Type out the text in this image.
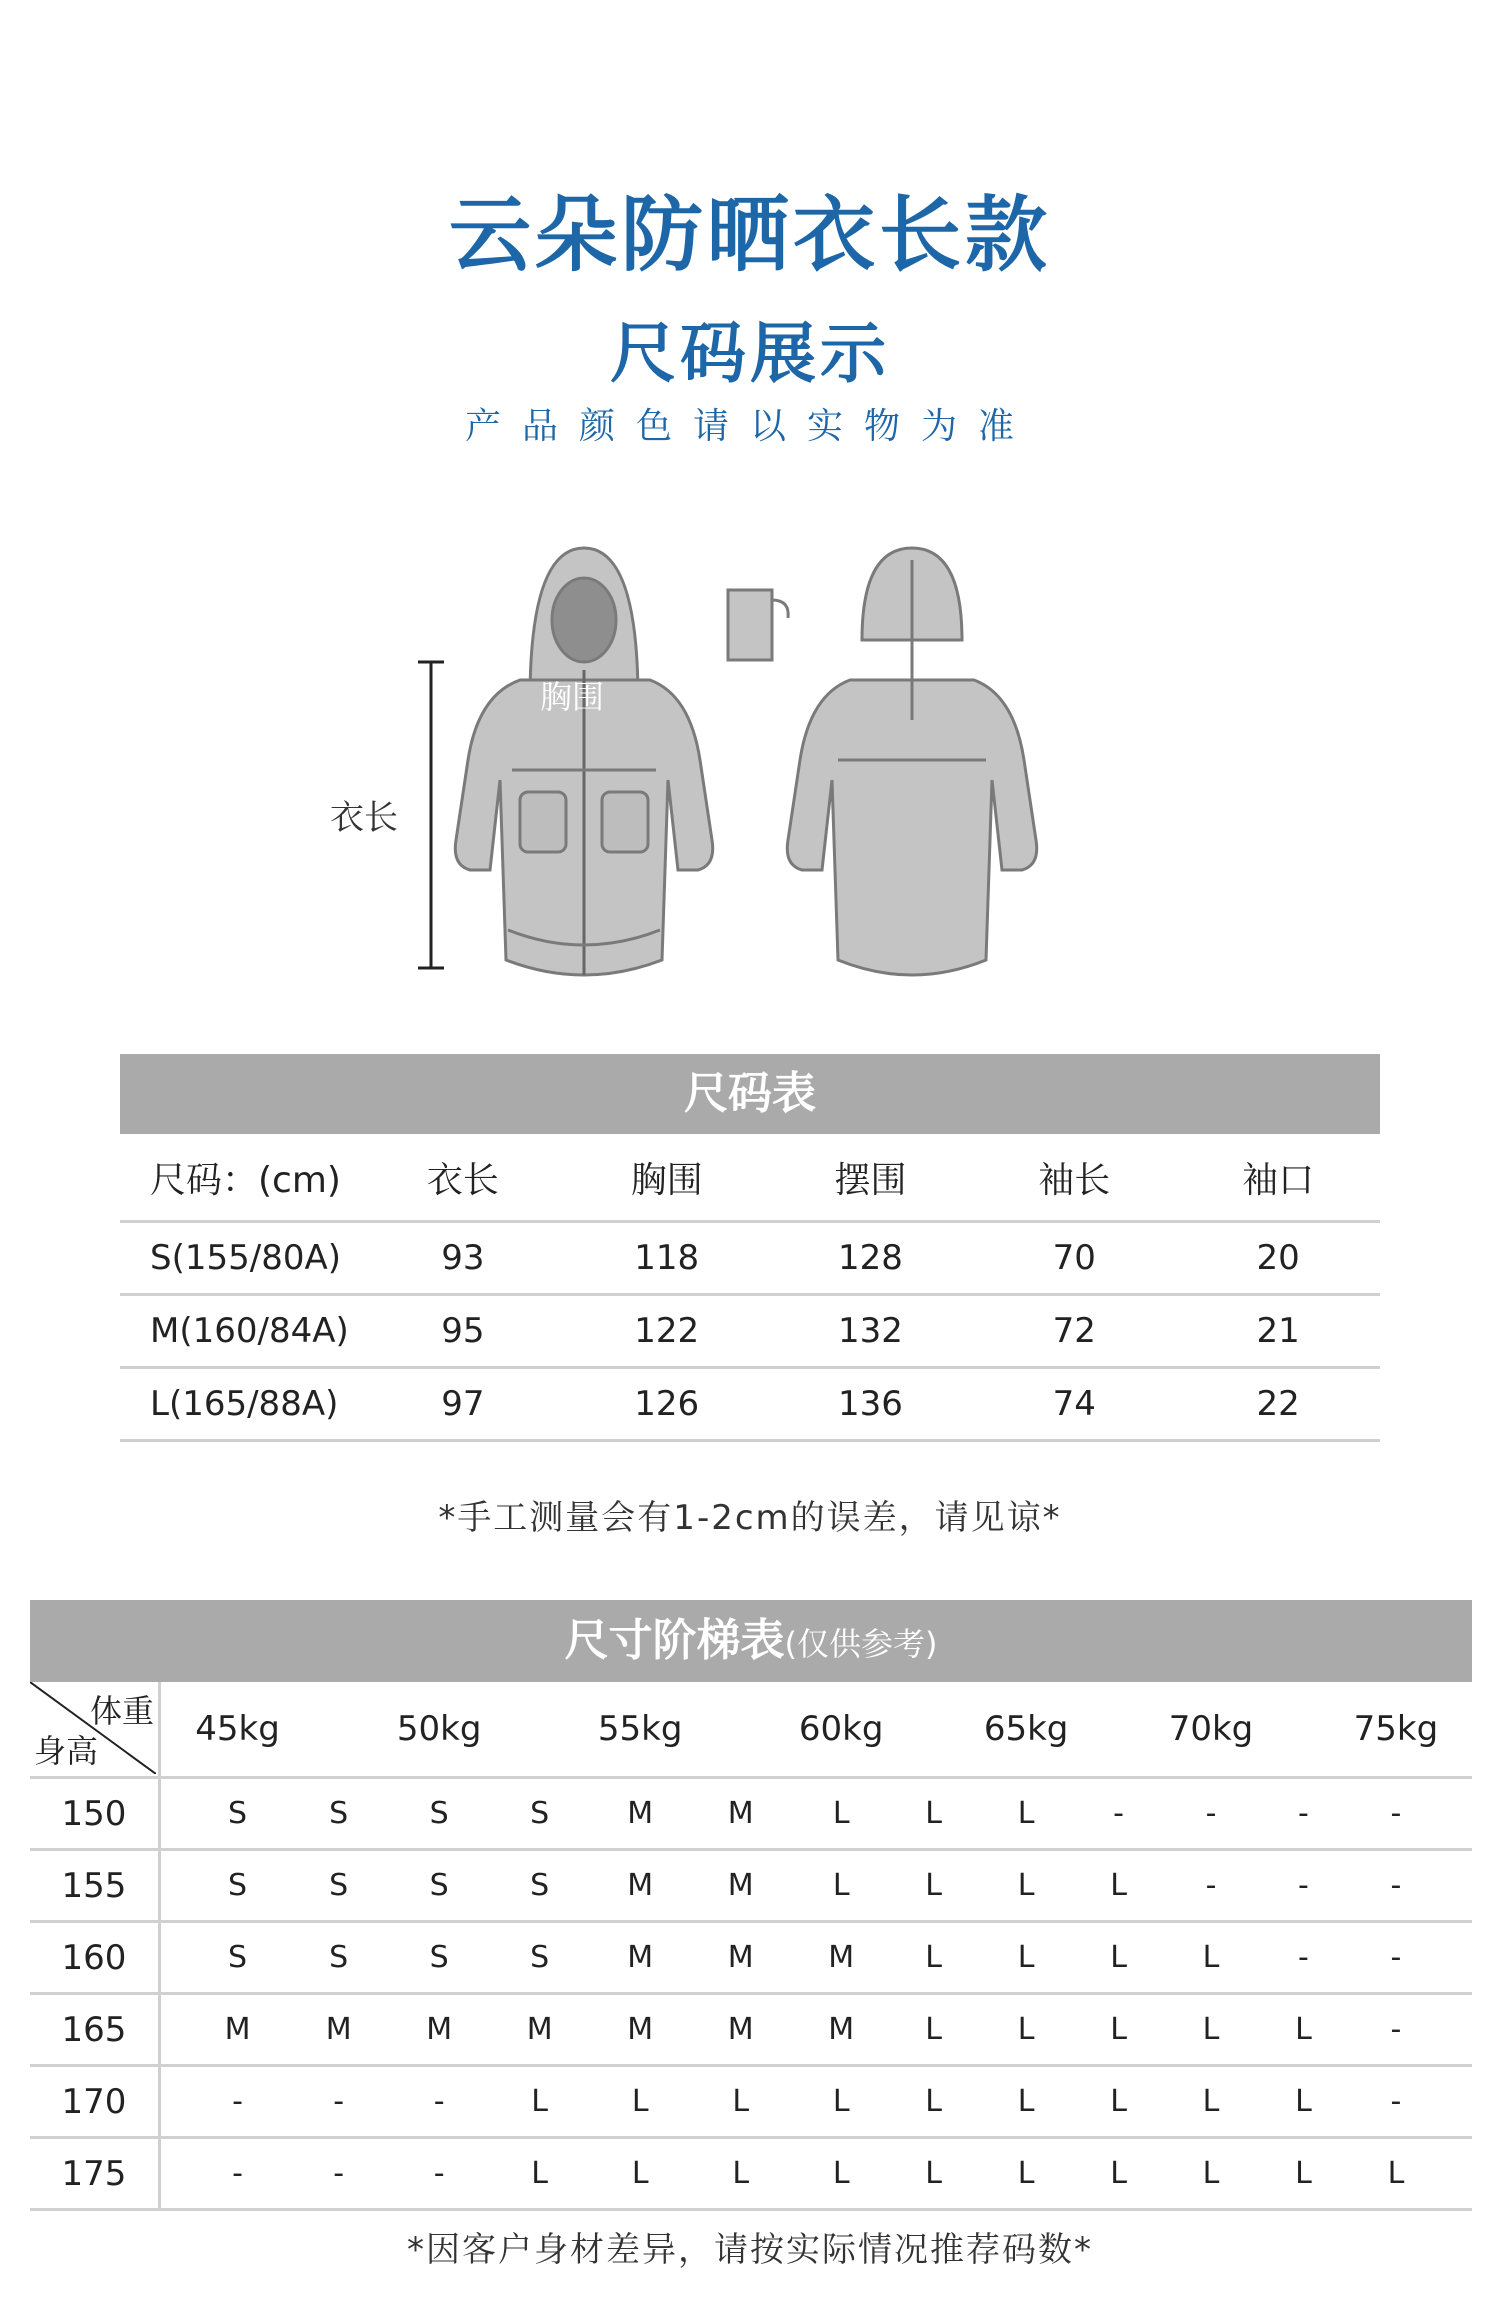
云朵防晒衣长款
尺码展示
产品颜色请以实物为准
衣长
胸围
尺码表
尺码：(cm)	衣长	胸围	摆围	袖长	袖口
S(155/80A)	93	118	128	70	20
M(160/84A)	95	122	132	72	21
L(165/88A)	97	126	136	74	22
*手工测量会有1-2cm的误差，请见谅*
尺寸阶梯表(仅供参考)
体重
身高	45kg		50kg		55kg		60kg		65kg		70kg		75kg
150	S	S	S	S	M	M	L	L	L	-	-	-	-
155	S	S	S	S	M	M	L	L	L	L	-	-	-
160	S	S	S	S	M	M	M	L	L	L	L	-	-
165	M	M	M	M	M	M	M	L	L	L	L	L	-
170	-	-	-	L	L	L	L	L	L	L	L	L	-
175	-	-	-	L	L	L	L	L	L	L	L	L	L
*因客户身材差异，请按实际情况推荐码数*
